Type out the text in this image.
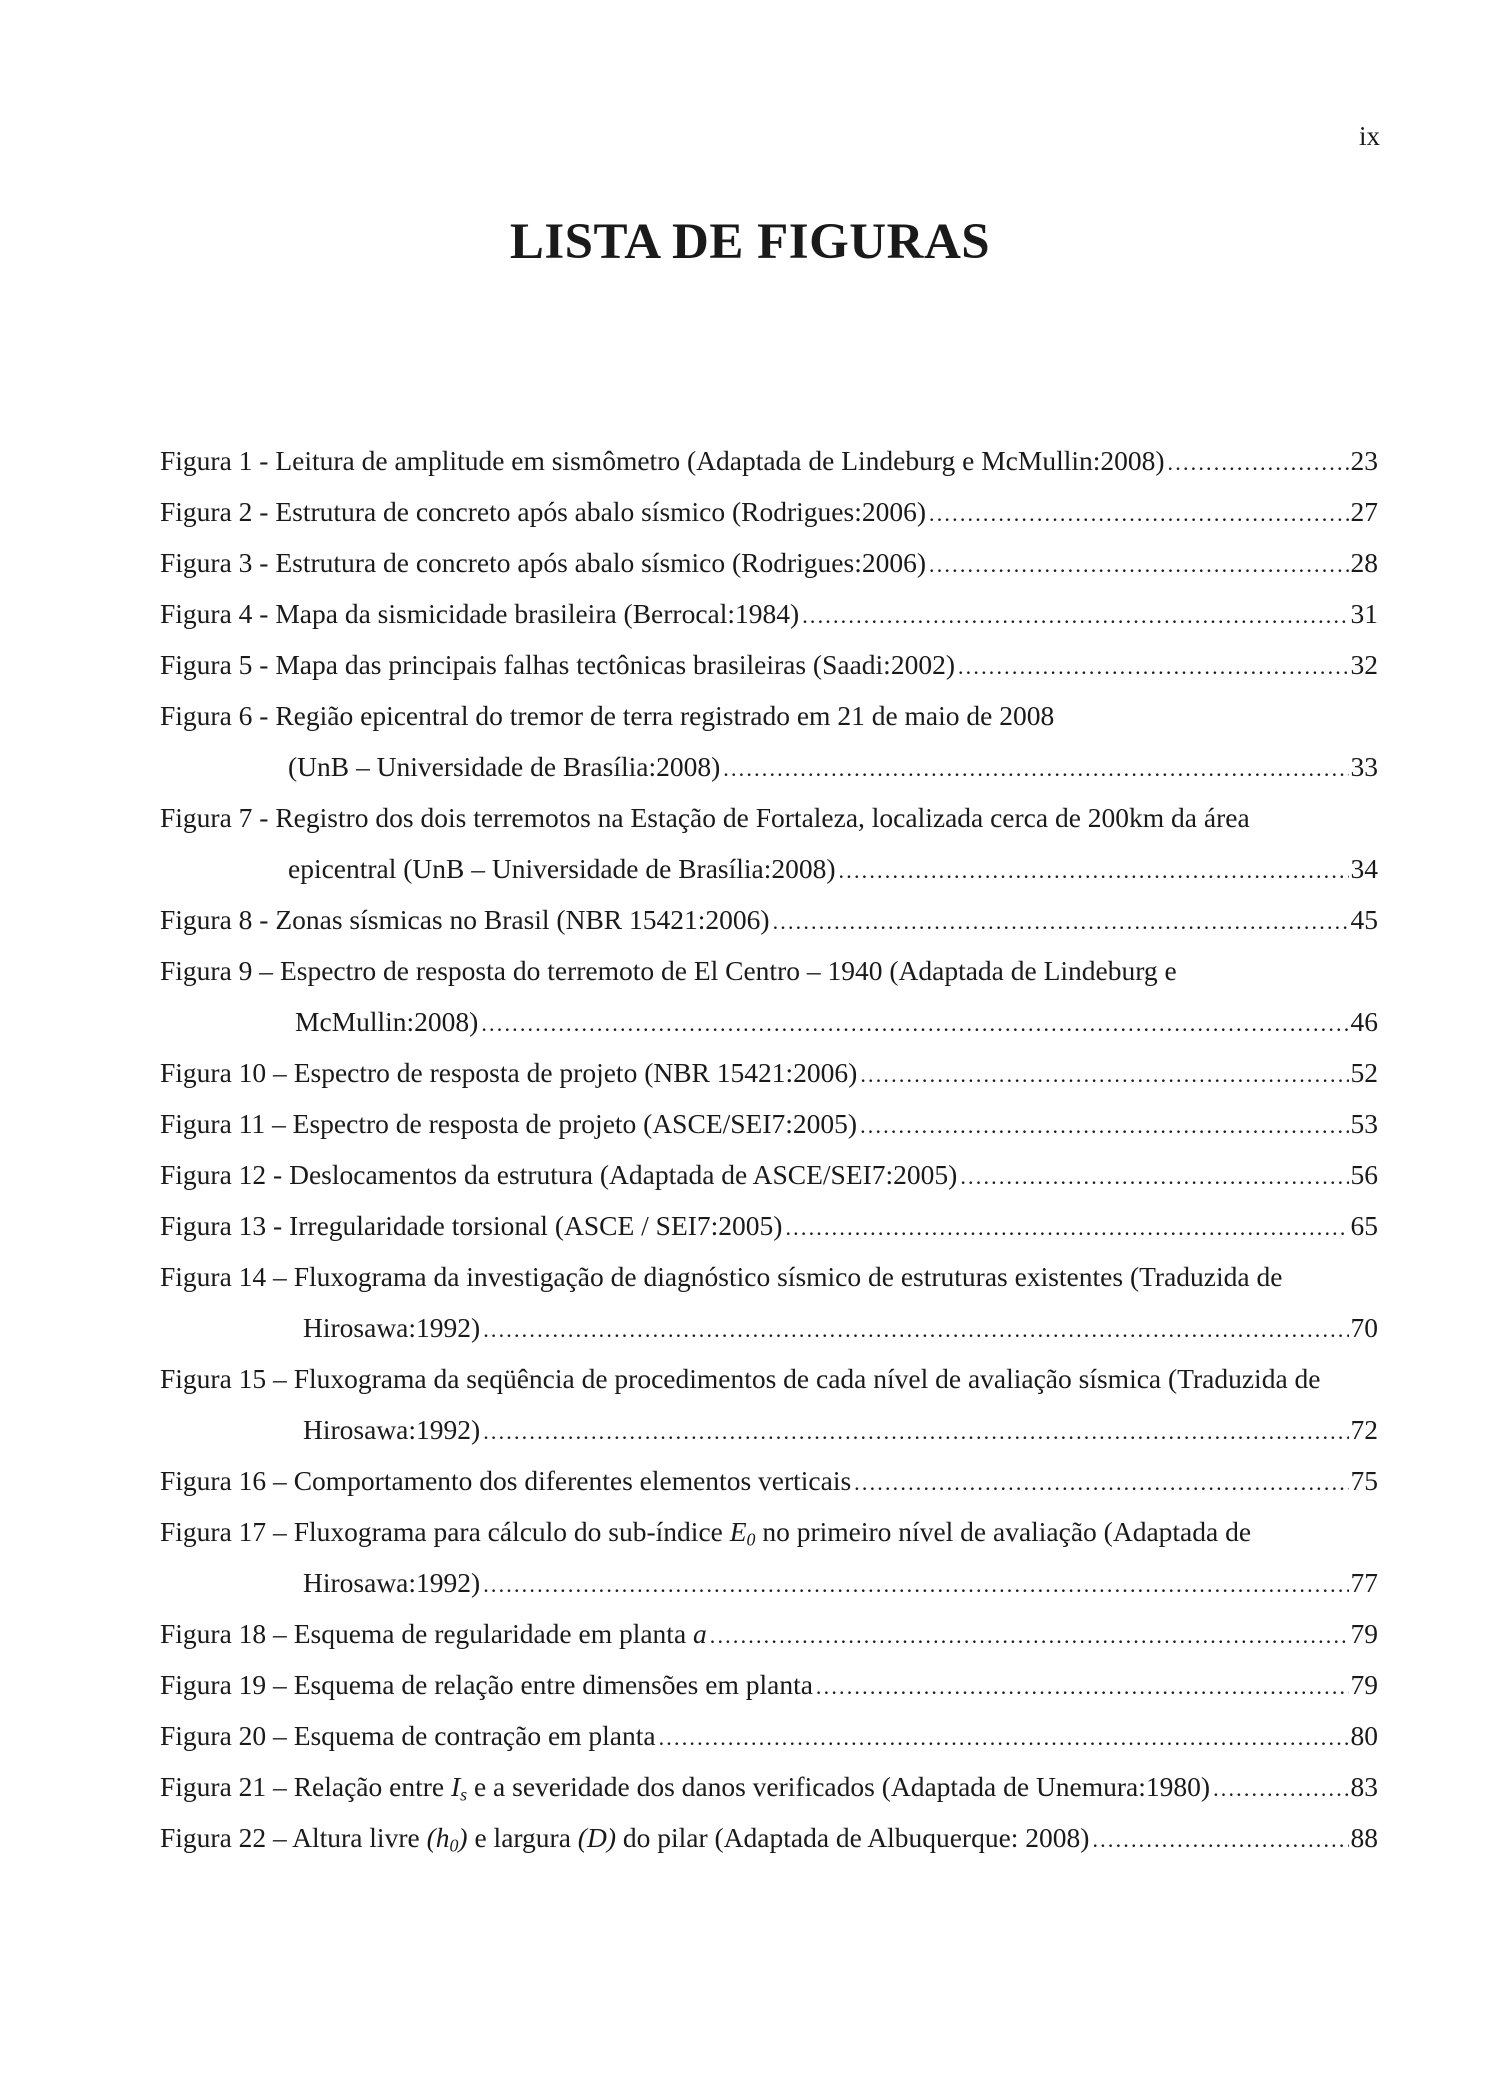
ix
LISTA DE FIGURAS
Figura 1 - Leitura de amplitude em sismômetro (Adaptada de Lindeburg e McMullin:2008) .....	23
Figura 2 - Estrutura de concreto após abalo sísmico (Rodrigues:2006) .....	27
Figura 3 - Estrutura de concreto após abalo sísmico (Rodrigues:2006) .....	28
Figura 4 - Mapa da sismicidade brasileira (Berrocal:1984) .....	31
Figura 5 - Mapa das principais falhas tectônicas brasileiras (Saadi:2002) .....	32
Figura 6 - Região epicentral do tremor de terra registrado em 21 de maio de 2008
(UnB – Universidade de Brasília:2008) .....	33
Figura 7 - Registro dos dois terremotos na Estação de Fortaleza, localizada cerca de 200km da área
epicentral (UnB – Universidade de Brasília:2008) .....	34
Figura 8 - Zonas sísmicas no Brasil (NBR 15421:2006) .....	45
Figura 9 – Espectro de resposta do terremoto de El Centro – 1940 (Adaptada de Lindeburg e
McMullin:2008) .....	46
Figura 10 – Espectro de resposta de projeto (NBR 15421:2006) .....	52
Figura 11 – Espectro de resposta de projeto (ASCE/SEI7:2005) .....	53
Figura 12 - Deslocamentos da estrutura (Adaptada de ASCE/SEI7:2005) .....	56
Figura 13 - Irregularidade torsional (ASCE / SEI7:2005) .....	65
Figura 14 – Fluxograma da investigação de diagnóstico sísmico de estruturas existentes (Traduzida de
Hirosawa:1992) .....	70
Figura 15 – Fluxograma da seqüência de procedimentos de cada nível de avaliação sísmica (Traduzida de
Hirosawa:1992) .....	72
Figura 16 – Comportamento dos diferentes elementos verticais .....	75
Figura 17 – Fluxograma para cálculo do sub-índice $E_0$ no primeiro nível de avaliação (Adaptada de
Hirosawa:1992) .....	77
Figura 18 – Esquema de regularidade em planta a .....	79
Figura 19 – Esquema de relação entre dimensões em planta .....	79
Figura 20 – Esquema de contração em planta .....	80
Figura 21 – Relação entre $I_s$ e a severidade dos danos verificados (Adaptada de Unemura:1980) .....	83
Figura 22 – Altura livre $(h_0)$ e largura (D) do pilar (Adaptada de Albuquerque: 2008) .....	88
